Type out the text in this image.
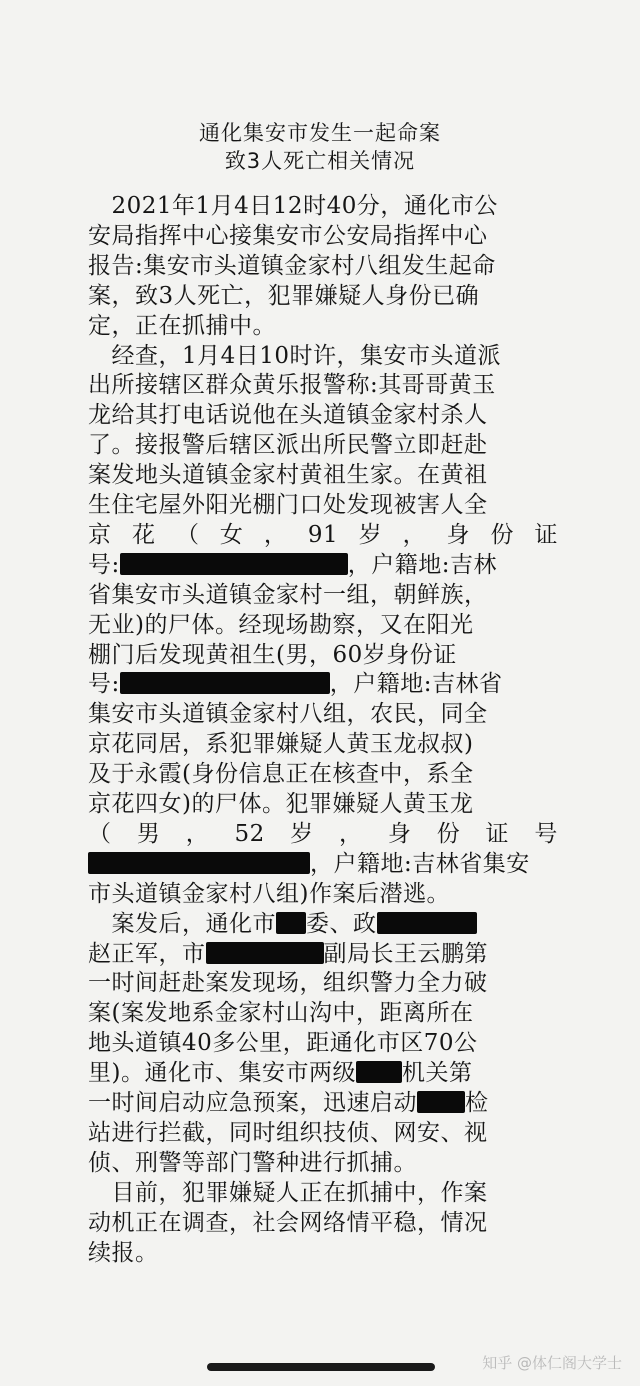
通化集安市发生一起命案
致3人死亡相关情况
　2021年1月4日12时40分，通化市公
安局指挥中心接集安市公安局指挥中心
报告:集安市头道镇金家村八组发生起命
案，致3人死亡，犯罪嫌疑人身份已确
定，正在抓捕中。
　经查，1月4日10时许，集安市头道派
出所接辖区群众黄乐报警称:其哥哥黄玉
龙给其打电话说他在头道镇金家村杀人
了。接报警后辖区派出所民警立即赶赴
案发地头道镇金家村黄祖生家。在黄祖
生住宅屋外阳光棚门口处发现被害人全
京 花 （ 女 ， 91 岁 ， 身 份 证
号:	，户籍地:吉林
省集安市头道镇金家村一组，朝鲜族，
无业)的尸体。经现场勘察，又在阳光
棚门后发现黄祖生(男，60岁身份证
号:	，户籍地:吉林省
集安市头道镇金家村八组，农民，同全
京花同居，系犯罪嫌疑人黄玉龙叔叔)
及于永霞(身份信息正在核查中，系全
京花四女)的尸体。犯罪嫌疑人黄玉龙
（ 男 ， 52 岁 ， 身 份 证 号
，户籍地:吉林省集安
市头道镇金家村八组)作案后潜逃。
　案发后，通化市 委、政
赵正军，市	副局长王云鹏第
一时间赶赴案发现场，组织警力全力破
案(案发地系金家村山沟中，距离所在
地头道镇40多公里，距通化市区70公
里)。通化市、集安市两级 机关第
一时间启动应急预案，迅速启动 检
站进行拦截，同时组织技侦、网安、视
侦、刑警等部门警种进行抓捕。
　目前，犯罪嫌疑人正在抓捕中，作案
动机正在调查，社会网络情平稳，情况
续报。
知乎 @体仁阁大学士
